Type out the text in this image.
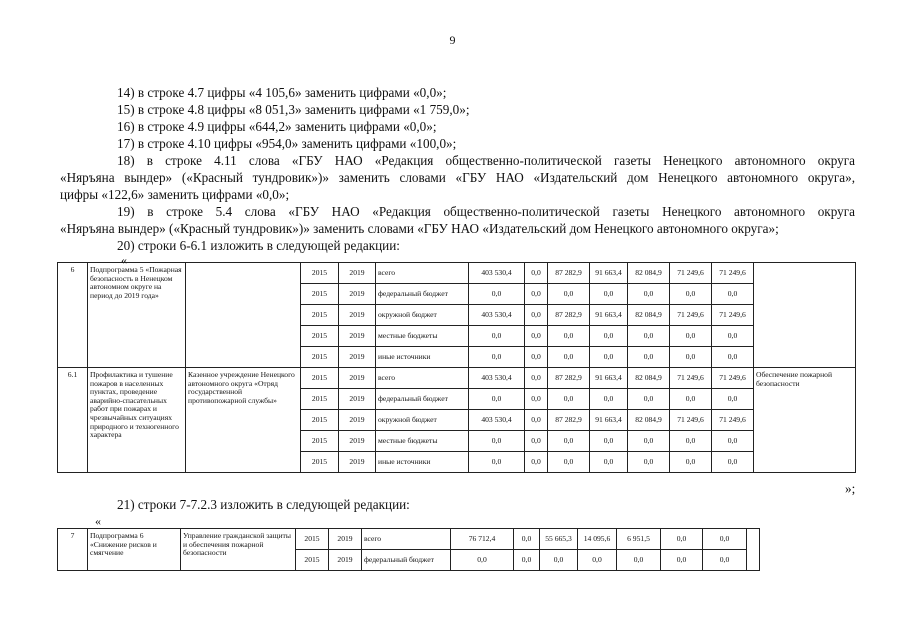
9
14) в строке 4.7 цифры «4 105,6» заменить цифрами «0,0»;
15) в строке 4.8 цифры «8 051,3» заменить цифрами «1 759,0»;
16) в строке 4.9 цифры «644,2» заменить цифрами «0,0»;
17) в строке 4.10 цифры «954,0» заменить цифрами «100,0»;
18) в строке 4.11 слова «ГБУ НАО «Редакция общественно-политической газеты Ненецкого автономного округа
«Няръяна вындер» («Красный тундровик»)» заменить словами «ГБУ НАО «Издательский дом Ненецкого автономного округа»,
цифры «122,6» заменить цифрами «0,0»;
19) в строке 5.4 слова «ГБУ НАО «Редакция общественно-политической газеты Ненецкого автономного округа
«Няръяна вындер» («Красный тундровик»)» заменить словами «ГБУ НАО «Издательский дом Ненецкого автономного округа»;
20) строки 6-6.1 изложить в следующей редакции:
«
6	Подпрограмма 5 «Пожарная безопасность в Ненецком автономном округе на период до 2019 года»		2015	2019	всего	403 530,4	0,0	87 282,9	91 663,4	82 084,9	71 249,6	71 249,6	
			2015	2019	федеральный бюджет	0,0	0,0	0,0	0,0	0,0	0,0	0,0	
			2015	2019	окружной бюджет	403 530,4	0,0	87 282,9	91 663,4	82 084,9	71 249,6	71 249,6	
			2015	2019	местные бюджеты	0,0	0,0	0,0	0,0	0,0	0,0	0,0	
			2015	2019	иные источники	0,0	0,0	0,0	0,0	0,0	0,0	0,0	
6.1	Профилактика и тушение пожаров в населенных пунктах, проведение аварийно-спасательных работ при пожарах и чрезвычайных ситуациях природного и техногенного характера	Казенное учреждение Ненецкого автономного округа «Отряд государственной противопожарной службы»	2015	2019	всего	403 530,4	0,0	87 282,9	91 663,4	82 084,9	71 249,6	71 249,6	Обеспечение пожарной безопасности
			2015	2019	федеральный бюджет	0,0	0,0	0,0	0,0	0,0	0,0	0,0	
			2015	2019	окружной бюджет	403 530,4	0,0	87 282,9	91 663,4	82 084,9	71 249,6	71 249,6	
			2015	2019	местные бюджеты	0,0	0,0	0,0	0,0	0,0	0,0	0,0	
			2015	2019	иные источники	0,0	0,0	0,0	0,0	0,0	0,0	0,0	
»;
21) строки 7-7.2.3 изложить в следующей редакции:
«
7	Подпрограмма 6 «Снижение рисков и смягчение	Управление гражданской защиты и обеспечения пожарной безопасности	2015	2019	всего	76 712,4	0,0	55 665,3	14 095,6	6 951,5	0,0	0,0	
			2015	2019	федеральный бюджет	0,0	0,0	0,0	0,0	0,0	0,0	0,0	
